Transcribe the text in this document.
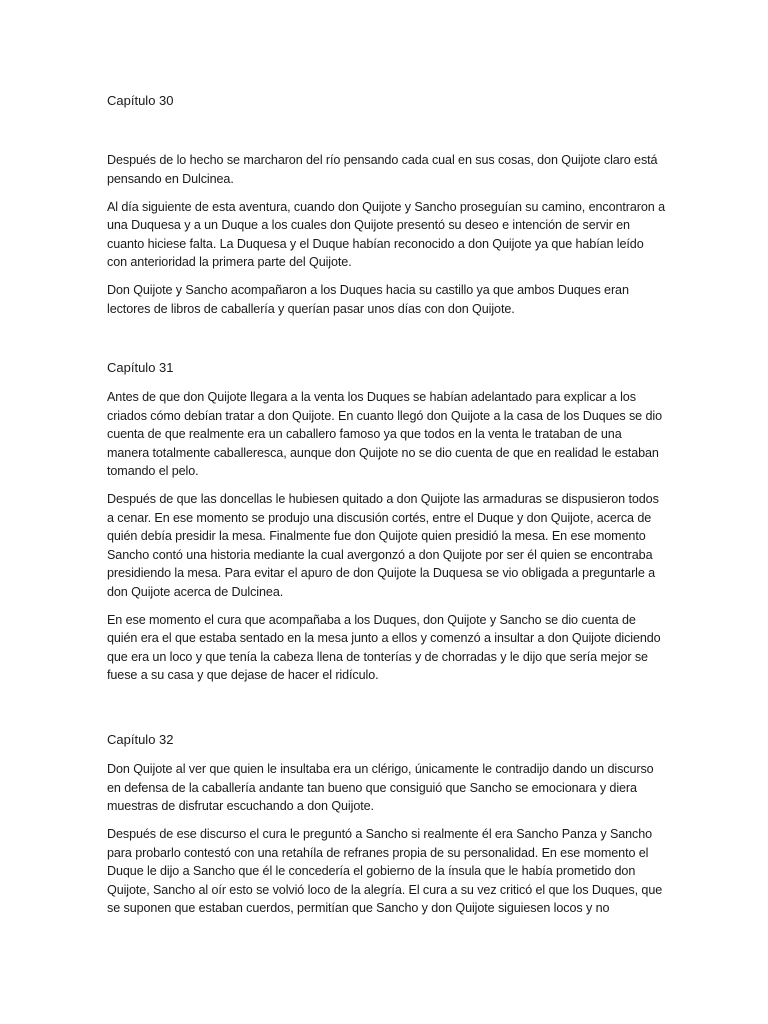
Capítulo 30

Después de lo hecho se marcharon del río pensando cada cual en sus cosas, don Quijote claro está pensando en Dulcinea.

Al día siguiente de esta aventura, cuando don Quijote y Sancho proseguían su camino, encontraron a una Duquesa y a un Duque a los cuales don Quijote presentó su deseo e intención de servir en cuanto hiciese falta. La Duquesa y el Duque habían reconocido a don Quijote ya que habían leído con anterioridad la primera parte del Quijote.

Don Quijote y Sancho acompañaron a los Duques hacia su castillo ya que ambos Duques eran lectores de libros de caballería y querían pasar unos días con don Quijote.

Capítulo 31

Antes de que don Quijote llegara a la venta los Duques se habían adelantado para explicar a los criados cómo debían tratar a don Quijote. En cuanto llegó don Quijote a la casa de los Duques se dio cuenta de que realmente era un caballero famoso ya que todos en la venta le trataban de una manera totalmente caballeresca, aunque don Quijote no se dio cuenta de que en realidad le estaban tomando el pelo.

Después de que las doncellas le hubiesen quitado a don Quijote las armaduras se dispusieron todos a cenar. En ese momento se produjo una discusión cortés, entre el Duque y don Quijote, acerca de quién debía presidir la mesa. Finalmente fue don Quijote quien presidió la mesa. En ese momento Sancho contó una historia mediante la cual avergonzó a don Quijote por ser él quien se encontraba presidiendo la mesa. Para evitar el apuro de don Quijote la Duquesa se vio obligada a preguntarle a don Quijote acerca de Dulcinea.

En ese momento el cura que acompañaba a los Duques, don Quijote y Sancho se dio cuenta de quién era el que estaba sentado en la mesa junto a ellos y comenzó a insultar a don Quijote diciendo que era un loco y que tenía la cabeza llena de tonterías y de chorradas y le dijo que sería mejor se fuese a su casa y que dejase de hacer el ridículo.

Capítulo 32

Don Quijote al ver que quien le insultaba era un clérigo, únicamente le contradijo dando un discurso en defensa de la caballería andante tan bueno que consiguió que Sancho se emocionara y diera muestras de disfrutar escuchando a don Quijote.

Después de ese discurso el cura le preguntó a Sancho si realmente él era Sancho Panza y Sancho para probarlo contestó con una retahíla de refranes propia de su personalidad. En ese momento el Duque le dijo a Sancho que él le concedería el gobierno de la ínsula que le había prometido don Quijote, Sancho al oír esto se volvió loco de la alegría. El cura a su vez criticó el que los Duques, que se suponen que estaban cuerdos, permitían que Sancho y don Quijote siguiesen locos y no
